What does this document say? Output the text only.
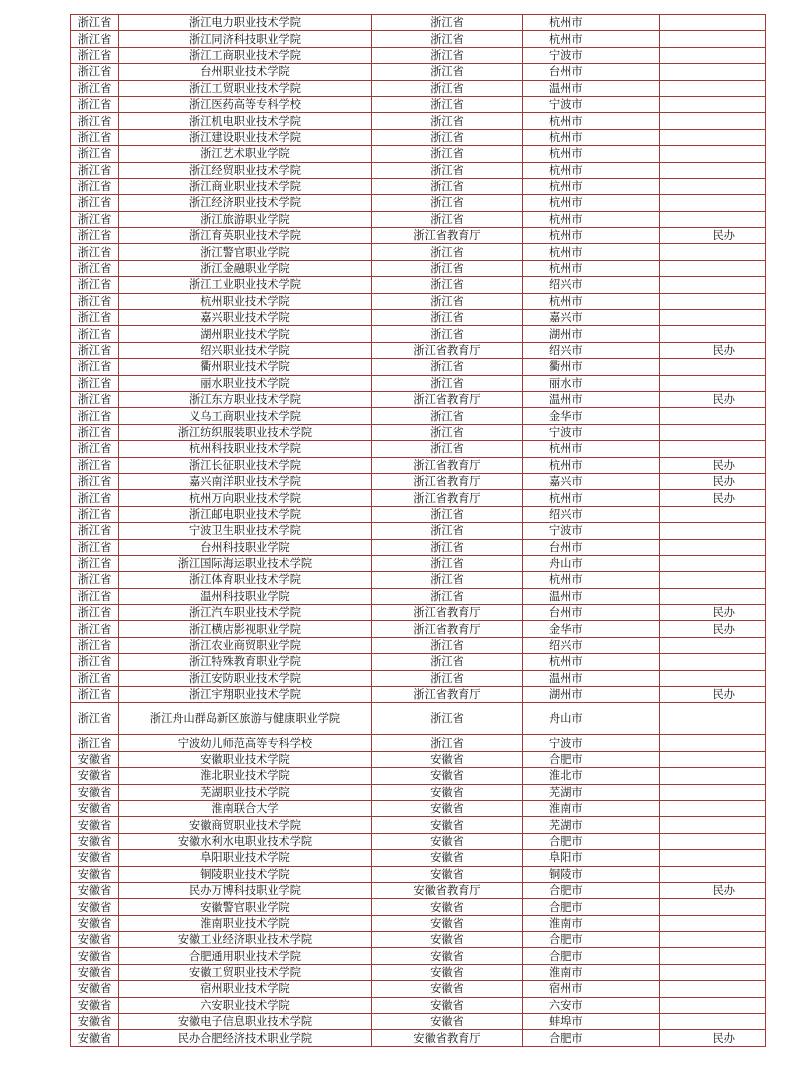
浙江省	浙江电力职业技术学院	浙江省	杭州市	
浙江省	浙江同济科技职业学院	浙江省	杭州市	
浙江省	浙江工商职业技术学院	浙江省	宁波市	
浙江省	台州职业技术学院	浙江省	台州市	
浙江省	浙江工贸职业技术学院	浙江省	温州市	
浙江省	浙江医药高等专科学校	浙江省	宁波市	
浙江省	浙江机电职业技术学院	浙江省	杭州市	
浙江省	浙江建设职业技术学院	浙江省	杭州市	
浙江省	浙江艺术职业学院	浙江省	杭州市	
浙江省	浙江经贸职业技术学院	浙江省	杭州市	
浙江省	浙江商业职业技术学院	浙江省	杭州市	
浙江省	浙江经济职业技术学院	浙江省	杭州市	
浙江省	浙江旅游职业学院	浙江省	杭州市	
浙江省	浙江育英职业技术学院	浙江省教育厅	杭州市	民办
浙江省	浙江警官职业学院	浙江省	杭州市	
浙江省	浙江金融职业学院	浙江省	杭州市	
浙江省	浙江工业职业技术学院	浙江省	绍兴市	
浙江省	杭州职业技术学院	浙江省	杭州市	
浙江省	嘉兴职业技术学院	浙江省	嘉兴市	
浙江省	湖州职业技术学院	浙江省	湖州市	
浙江省	绍兴职业技术学院	浙江省教育厅	绍兴市	民办
浙江省	衢州职业技术学院	浙江省	衢州市	
浙江省	丽水职业技术学院	浙江省	丽水市	
浙江省	浙江东方职业技术学院	浙江省教育厅	温州市	民办
浙江省	义乌工商职业技术学院	浙江省	金华市	
浙江省	浙江纺织服装职业技术学院	浙江省	宁波市	
浙江省	杭州科技职业技术学院	浙江省	杭州市	
浙江省	浙江长征职业技术学院	浙江省教育厅	杭州市	民办
浙江省	嘉兴南洋职业技术学院	浙江省教育厅	嘉兴市	民办
浙江省	杭州万向职业技术学院	浙江省教育厅	杭州市	民办
浙江省	浙江邮电职业技术学院	浙江省	绍兴市	
浙江省	宁波卫生职业技术学院	浙江省	宁波市	
浙江省	台州科技职业学院	浙江省	台州市	
浙江省	浙江国际海运职业技术学院	浙江省	舟山市	
浙江省	浙江体育职业技术学院	浙江省	杭州市	
浙江省	温州科技职业学院	浙江省	温州市	
浙江省	浙江汽车职业技术学院	浙江省教育厅	台州市	民办
浙江省	浙江横店影视职业学院	浙江省教育厅	金华市	民办
浙江省	浙江农业商贸职业学院	浙江省	绍兴市	
浙江省	浙江特殊教育职业学院	浙江省	杭州市	
浙江省	浙江安防职业技术学院	浙江省	温州市	
浙江省	浙江宇翔职业技术学院	浙江省教育厅	湖州市	民办
浙江省	浙江舟山群岛新区旅游与健康职业学院	浙江省	舟山市	
浙江省	宁波幼儿师范高等专科学校	浙江省	宁波市	
安徽省	安徽职业技术学院	安徽省	合肥市	
安徽省	淮北职业技术学院	安徽省	淮北市	
安徽省	芜湖职业技术学院	安徽省	芜湖市	
安徽省	淮南联合大学	安徽省	淮南市	
安徽省	安徽商贸职业技术学院	安徽省	芜湖市	
安徽省	安徽水利水电职业技术学院	安徽省	合肥市	
安徽省	阜阳职业技术学院	安徽省	阜阳市	
安徽省	铜陵职业技术学院	安徽省	铜陵市	
安徽省	民办万博科技职业学院	安徽省教育厅	合肥市	民办
安徽省	安徽警官职业学院	安徽省	合肥市	
安徽省	淮南职业技术学院	安徽省	淮南市	
安徽省	安徽工业经济职业技术学院	安徽省	合肥市	
安徽省	合肥通用职业技术学院	安徽省	合肥市	
安徽省	安徽工贸职业技术学院	安徽省	淮南市	
安徽省	宿州职业技术学院	安徽省	宿州市	
安徽省	六安职业技术学院	安徽省	六安市	
安徽省	安徽电子信息职业技术学院	安徽省	蚌埠市	
安徽省	民办合肥经济技术职业学院	安徽省教育厅	合肥市	民办
